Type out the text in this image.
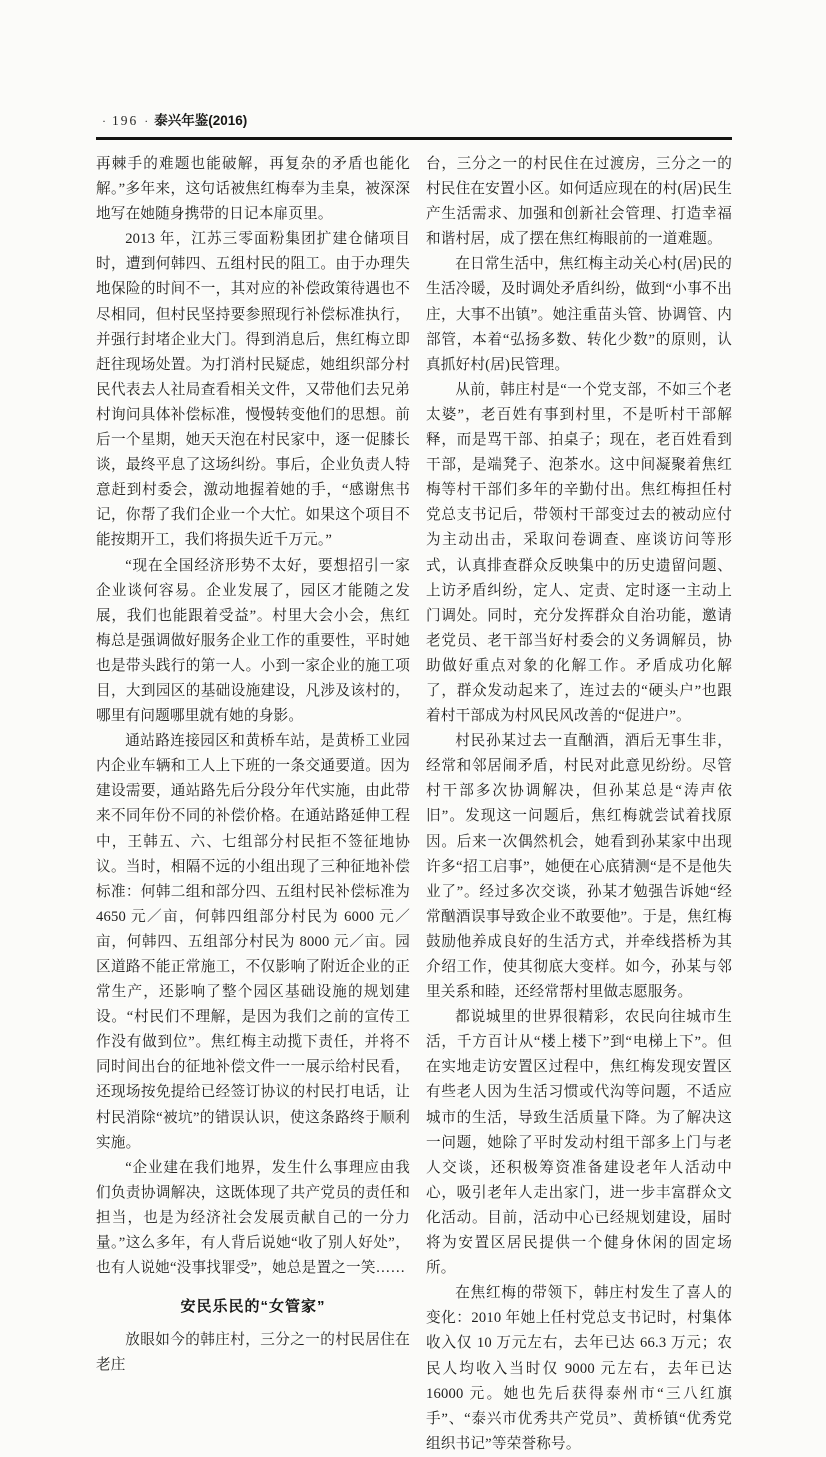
· 196 · 泰兴年鉴(2016)

再棘手的难题也能破解，再复杂的矛盾也能化解。”多年来，这句话被焦红梅奉为圭臬，被深深地写在她随身携带的日记本扉页里。

2013 年，江苏三零面粉集团扩建仓储项目时，遭到何韩四、五组村民的阻工。由于办理失地保险的时间不一，其对应的补偿政策待遇也不尽相同，但村民坚持要参照现行补偿标准执行，并强行封堵企业大门。得到消息后，焦红梅立即赶往现场处置。为打消村民疑虑，她组织部分村民代表去人社局查看相关文件，又带他们去兄弟村询问具体补偿标准，慢慢转变他们的思想。前后一个星期，她天天泡在村民家中，逐一促膝长谈，最终平息了这场纠纷。事后，企业负责人特意赶到村委会，激动地握着她的手，“感谢焦书记，你帮了我们企业一个大忙。如果这个项目不能按期开工，我们将损失近千万元。”

“现在全国经济形势不太好，要想招引一家企业谈何容易。企业发展了，园区才能随之发展，我们也能跟着受益”。村里大会小会，焦红梅总是强调做好服务企业工作的重要性，平时她也是带头践行的第一人。小到一家企业的施工项目，大到园区的基础设施建设，凡涉及该村的，哪里有问题哪里就有她的身影。

通站路连接园区和黄桥车站，是黄桥工业园内企业车辆和工人上下班的一条交通要道。因为建设需要，通站路先后分段分年代实施，由此带来不同年份不同的补偿价格。在通站路延伸工程中，王韩五、六、七组部分村民拒不签征地协议。当时，相隔不远的小组出现了三种征地补偿标准：何韩二组和部分四、五组村民补偿标准为 4650 元／亩，何韩四组部分村民为 6000 元／亩，何韩四、五组部分村民为 8000 元／亩。园区道路不能正常施工，不仅影响了附近企业的正常生产，还影响了整个园区基础设施的规划建设。“村民们不理解，是因为我们之前的宣传工作没有做到位”。焦红梅主动揽下责任，并将不同时间出台的征地补偿文件一一展示给村民看，还现场按免提给已经签订协议的村民打电话，让村民消除“被坑”的错误认识，使这条路终于顺利实施。

“企业建在我们地界，发生什么事理应由我们负责协调解决，这既体现了共产党员的责任和担当，也是为经济社会发展贡献自己的一分力量。”这么多年，有人背后说她“收了别人好处”，也有人说她“没事找罪受”，她总是置之一笑……

安民乐民的“女管家”

放眼如今的韩庄村，三分之一的村民居住在老庄

台，三分之一的村民住在过渡房，三分之一的村民住在安置小区。如何适应现在的村(居)民生产生活需求、加强和创新社会管理、打造幸福和谐村居，成了摆在焦红梅眼前的一道难题。

在日常生活中，焦红梅主动关心村(居)民的生活冷暖，及时调处矛盾纠纷，做到“小事不出庄，大事不出镇”。她注重苗头管、协调管、内部管，本着“弘扬多数、转化少数”的原则，认真抓好村(居)民管理。

从前，韩庄村是“一个党支部，不如三个老太婆”，老百姓有事到村里，不是听村干部解释，而是骂干部、拍桌子；现在，老百姓看到干部，是端凳子、泡茶水。这中间凝聚着焦红梅等村干部们多年的辛勤付出。焦红梅担任村党总支书记后，带领村干部变过去的被动应付为主动出击，采取问卷调查、座谈访问等形式，认真排查群众反映集中的历史遗留问题、上访矛盾纠纷，定人、定责、定时逐一主动上门调处。同时，充分发挥群众自治功能，邀请老党员、老干部当好村委会的义务调解员，协助做好重点对象的化解工作。矛盾成功化解了，群众发动起来了，连过去的“硬头户”也跟着村干部成为村风民风改善的“促进户”。

村民孙某过去一直酗酒，酒后无事生非，经常和邻居闹矛盾，村民对此意见纷纷。尽管村干部多次协调解决，但孙某总是“涛声依旧”。发现这一问题后，焦红梅就尝试着找原因。后来一次偶然机会，她看到孙某家中出现许多“招工启事”，她便在心底猜测“是不是他失业了”。经过多次交谈，孙某才勉强告诉她“经常酗酒误事导致企业不敢要他”。于是，焦红梅鼓励他养成良好的生活方式，并牵线搭桥为其介绍工作，使其彻底大变样。如今，孙某与邻里关系和睦，还经常帮村里做志愿服务。

都说城里的世界很精彩，农民向往城市生活，千方百计从“楼上楼下”到“电梯上下”。但在实地走访安置区过程中，焦红梅发现安置区有些老人因为生活习惯或代沟等问题，不适应城市的生活，导致生活质量下降。为了解决这一问题，她除了平时发动村组干部多上门与老人交谈，还积极筹资准备建设老年人活动中心，吸引老年人走出家门，进一步丰富群众文化活动。目前，活动中心已经规划建设，届时将为安置区居民提供一个健身休闲的固定场所。

在焦红梅的带领下，韩庄村发生了喜人的变化：2010 年她上任村党总支书记时，村集体收入仅 10 万元左右，去年已达 66.3 万元；农民人均收入当时仅 9000 元左右，去年已达 16000 元。她也先后获得泰州市“三八红旗手”、“泰兴市优秀共产党员”、黄桥镇“优秀党组织书记”等荣誉称号。
